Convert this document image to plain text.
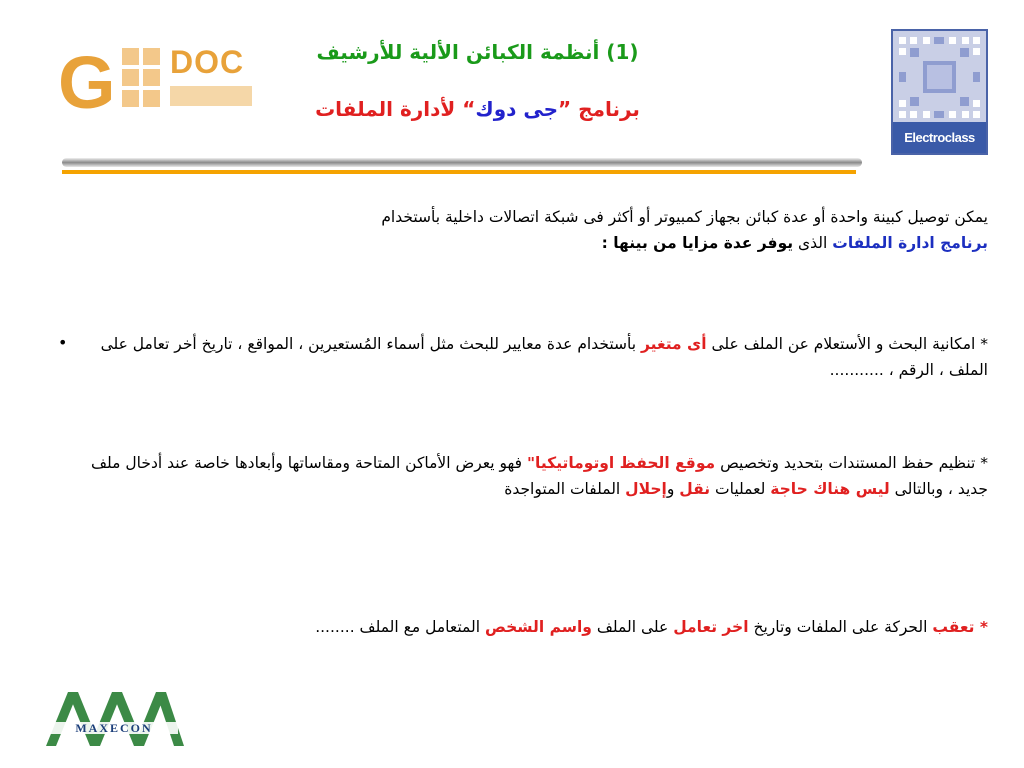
G DOC	(1) أنظمة الكبائن الألية للأرشيف
برنامج ”جى دوك“ لأدارة الملفات
Electroclass
يمكن توصيل كبينة واحدة أو عدة كبائن بجهاز كمبيوتر أو أكثر فى شبكة اتصالات داخلية بأستخدام
برنامج ادارة الملفات الذى يوفر عدة مزايا من بينها :
•	* امكانية البحث و الأستعلام عن الملف على أى متغير بأستخدام عدة معايير للبحث مثل أسماء المُستعيرين ، المواقع ، تاريخ أخر تعامل على الملف ، الرقم ، ...........
* تنظيم حفظ المستندات بتحديد وتخصيص موقع الحفظ اوتوماتيكيا" فهو يعرض الأماكن المتاحة ومقاساتها وأبعادها خاصة عند أدخال ملف جديد ، وبالتالى ليس هناك حاجة لعمليات نقل وإحلال الملفات المتواجدة
* تعقب الحركة على الملفات وتاريخ اخر تعامل على الملف واسم الشخص المتعامل مع الملف ........
MAXECON
